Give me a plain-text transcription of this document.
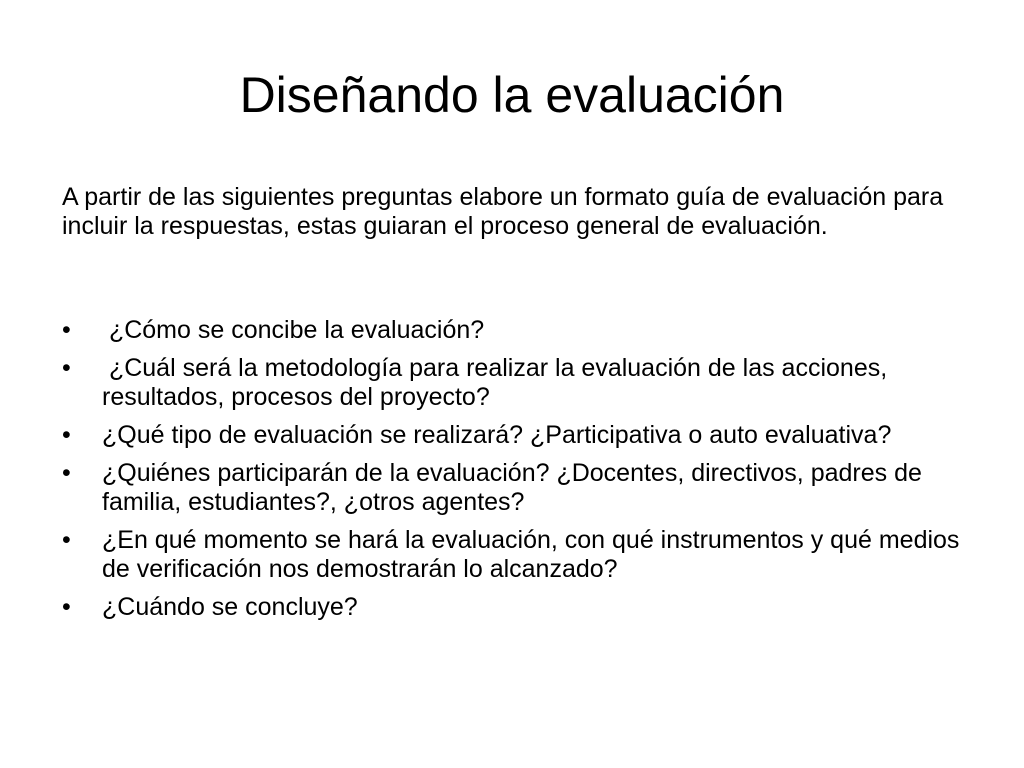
Diseñando la evaluación
A partir de las siguientes preguntas elabore un formato guía de evaluación para incluir la respuestas, estas guiaran el proceso general de evaluación.
•	¿Cómo se concibe la evaluación?
•	¿Cuál será la metodología para realizar la evaluación de las acciones, resultados, procesos del proyecto?
•	¿Qué tipo de evaluación se realizará? ¿Participativa o auto evaluativa?
•	¿Quiénes participarán de la evaluación? ¿Docentes, directivos, padres de familia, estudiantes?, ¿otros agentes?
•	¿En qué momento se hará la evaluación, con qué instrumentos y qué medios de verificación nos demostrarán lo alcanzado?
•	¿Cuándo se concluye?
